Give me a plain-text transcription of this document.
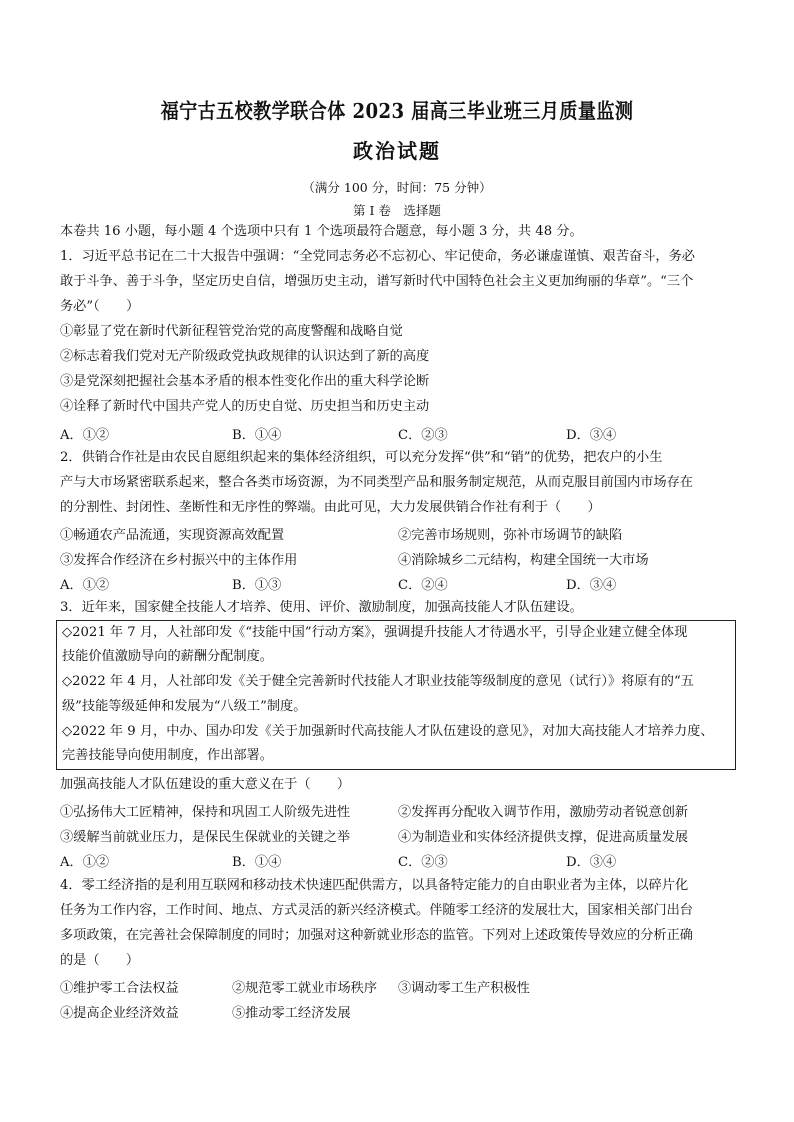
福宁古五校教学联合体 2023 届高三毕业班三月质量监测
政治试题
（满分 100 分，时间：75 分钟）
第 I 卷　选择题
本卷共 16 小题，每小题 4 个选项中只有 1 个选项最符合题意，每小题 3 分，共 48 分。
1．习近平总书记在二十大报告中强调：“全党同志务必不忘初心、牢记使命，务必谦虚谨慎、艰苦奋斗，务必
敢于斗争、善于斗争，坚定历史自信，增强历史主动，谱写新时代中国特色社会主义更加绚丽的华章”。“三个
务必”（　　）
①彰显了党在新时代新征程管党治党的高度警醒和战略自觉
②标志着我们党对无产阶级政党执政规律的认识达到了新的高度
③是党深刻把握社会基本矛盾的根本性变化作出的重大科学论断
④诠释了新时代中国共产党人的历史自觉、历史担当和历史主动
A．①②	B．①④	C．②③	D．③④
2．供销合作社是由农民自愿组织起来的集体经济组织，可以充分发挥“供”和“销”的优势，把农户的小生
产与大市场紧密联系起来，整合各类市场资源，为不同类型产品和服务制定规范，从而克服目前国内市场存在
的分割性、封闭性、垄断性和无序性的弊端。由此可见，大力发展供销合作社有利于（　　）
①畅通农产品流通，实现资源高效配置	②完善市场规则，弥补市场调节的缺陷
③发挥合作经济在乡村振兴中的主体作用	④消除城乡二元结构，构建全国统一大市场
A．①②	B．①③	C．②④	D．③④
3．近年来，国家健全技能人才培养、使用、评价、激励制度，加强高技能人才队伍建设。
◇2021 年 7 月，人社部印发《“技能中国”行动方案》，强调提升技能人才待遇水平，引导企业建立健全体现
技能价值激励导向的薪酬分配制度。
◇2022 年 4 月，人社部印发《关于健全完善新时代技能人才职业技能等级制度的意见（试行）》将原有的“五
级”技能等级延伸和发展为“八级工”制度。
◇2022 年 9 月，中办、国办印发《关于加强新时代高技能人才队伍建设的意见》，对加大高技能人才培养力度、
完善技能导向使用制度，作出部署。
加强高技能人才队伍建设的重大意义在于（　　）
①弘扬伟大工匠精神，保持和巩固工人阶级先进性	②发挥再分配收入调节作用，激励劳动者锐意创新
③缓解当前就业压力，是保民生保就业的关键之举	④为制造业和实体经济提供支撑，促进高质量发展
A．①②	B．①④	C．②③	D．③④
4．零工经济指的是利用互联网和移动技术快速匹配供需方，以具备特定能力的自由职业者为主体，以碎片化
任务为工作内容，工作时间、地点、方式灵活的新兴经济模式。伴随零工经济的发展壮大，国家相关部门出台
多项政策，在完善社会保障制度的同时；加强对这种新就业形态的监管。下列对上述政策传导效应的分析正确
的是（　　）
①维护零工合法权益	②规范零工就业市场秩序 ③调动零工生产积极性
④提高企业经济效益	⑤推动零工经济发展
